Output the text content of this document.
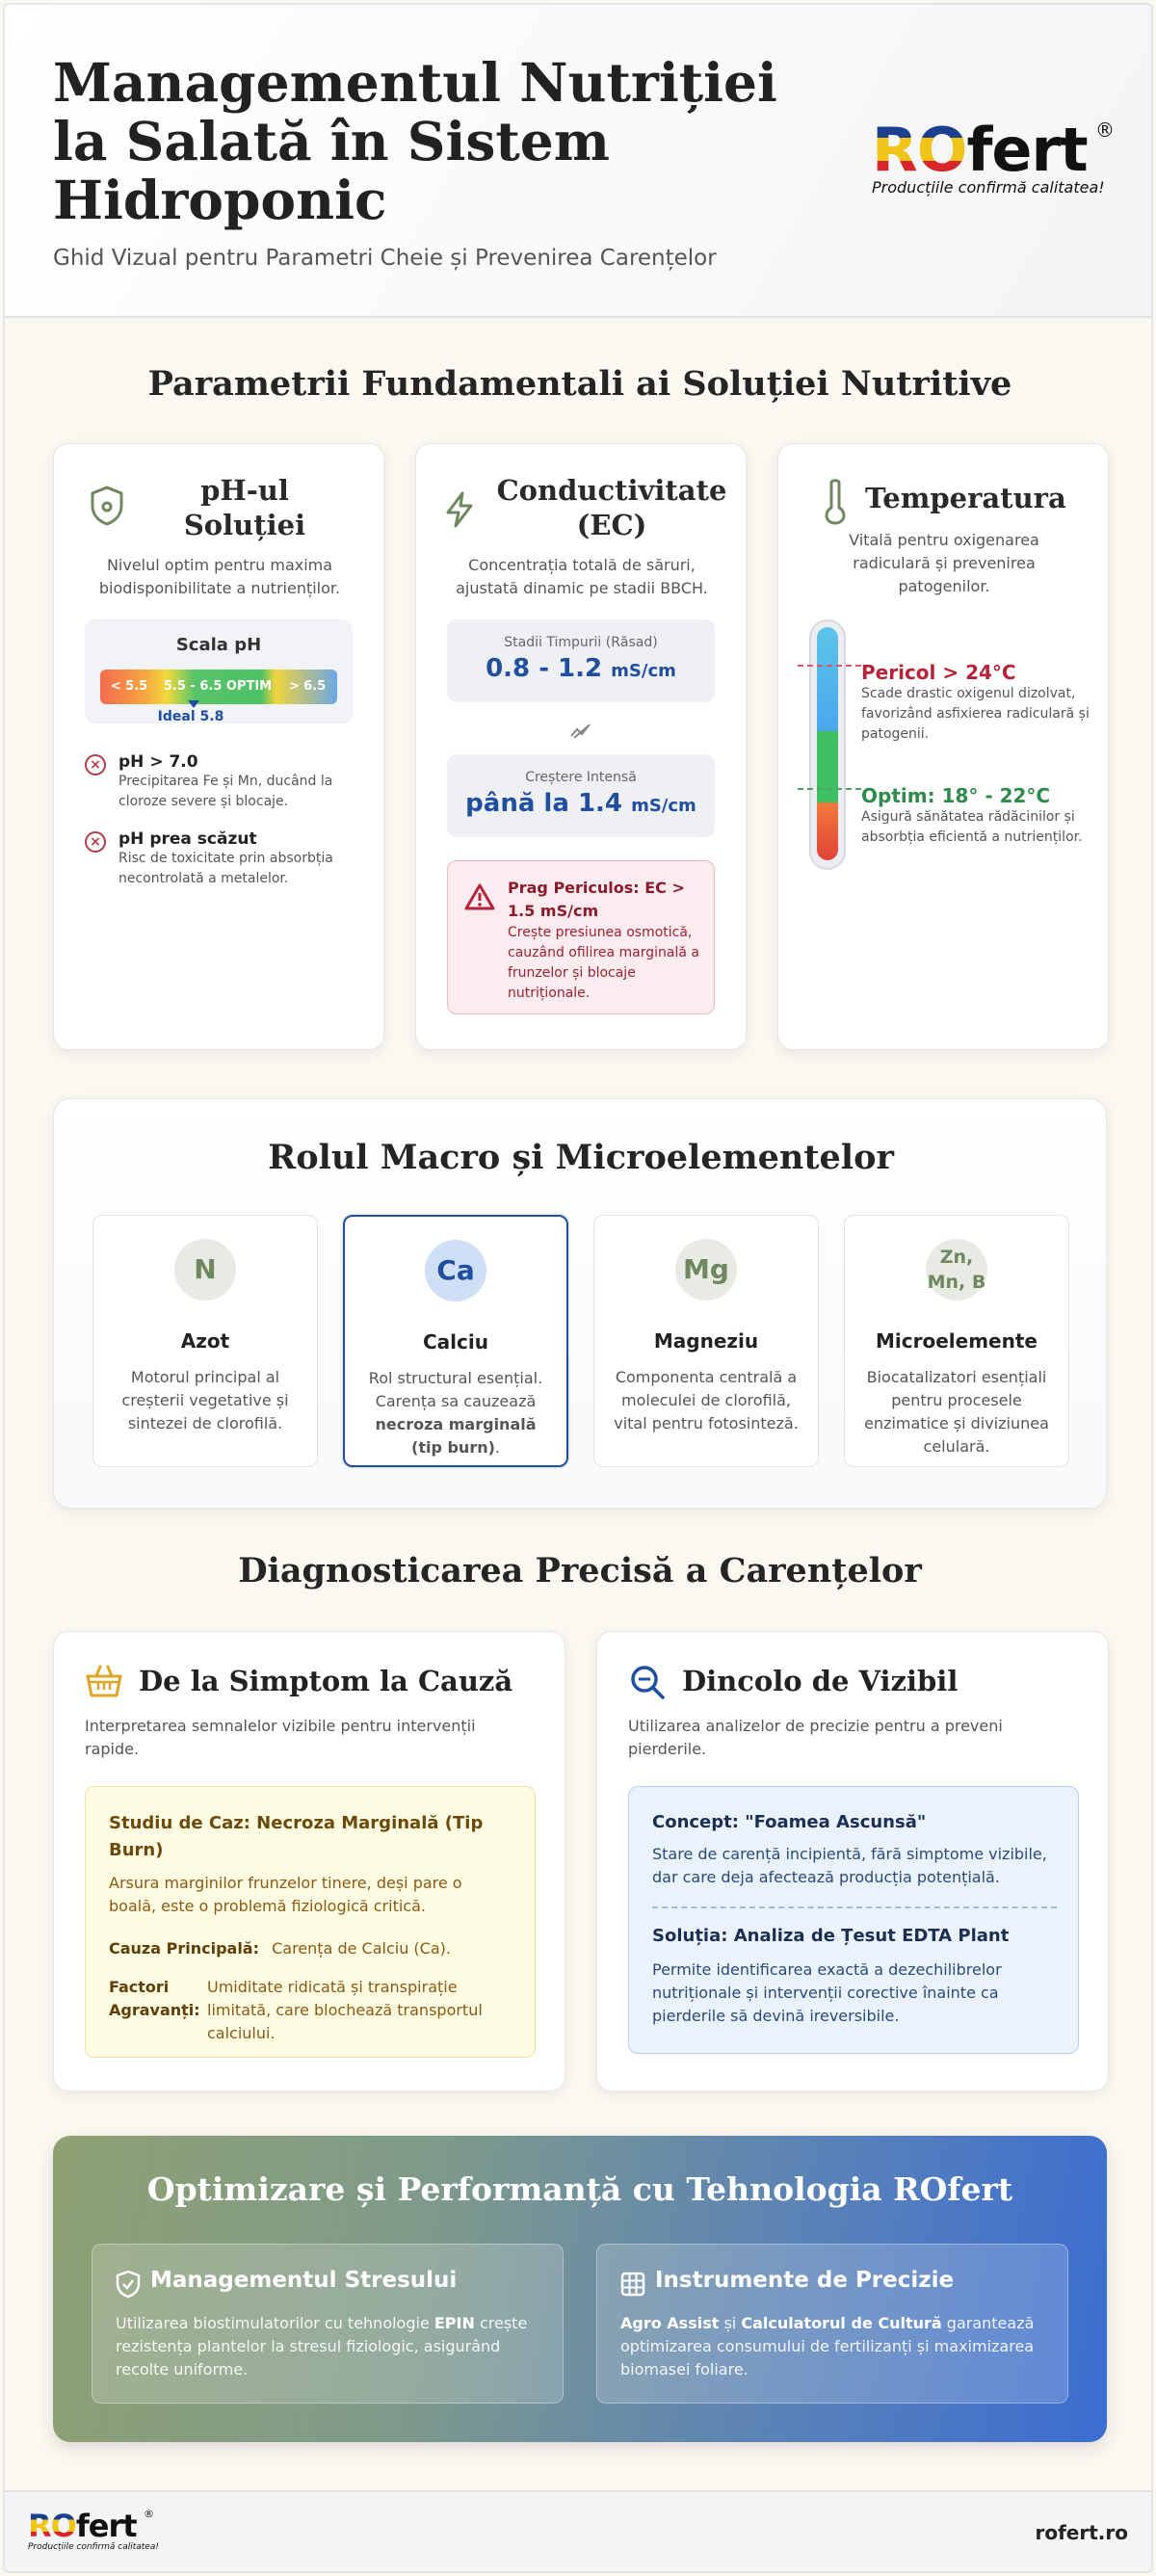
Managementul Nutriției la Salată în Sistem Hidroponic
Ghid Vizual pentru Parametri Cheie și Prevenirea Carențelor
ROfert ®
Producțiile confirmă calitatea!
Parametrii Fundamentali ai Soluției Nutritive
pH-ul Soluției
Nivelul optim pentru maxima biodisponibilitate a nutrienților.
Scala pH
< 5.5	5.5 - 6.5 OPTIM	> 6.5
Ideal 5.8
×	pH > 7.0
Precipitarea Fe și Mn, ducând la cloroze severe și blocaje.
×	pH prea scăzut
Risc de toxicitate prin absorbția necontrolată a metalelor.
Conductivitate (EC)
Concentrația totală de săruri, ajustată dinamic pe stadii BBCH.
Stadii Timpurii (Răsad)
0.8 - 1.2 mS/cm
Creștere Intensă
până la 1.4 mS/cm
Prag Periculos: EC > 1.5 mS/cm
Crește presiunea osmotică, cauzând ofilirea marginală a frunzelor și blocaje nutriționale.
Temperatura
Vitală pentru oxigenarea radiculară și prevenirea patogenilor.
Pericol > 24°C
Scade drastic oxigenul dizolvat, favorizând asfixierea radiculară și patogenii.
Optim: 18° - 22°C
Asigură sănătatea rădăcinilor și absorbția eficientă a nutrienților.
Rolul Macro și Microelementelor
N
Azot
Motorul principal al creșterii vegetative și sintezei de clorofilă.
Ca
Calciu
Rol structural esențial. Carența sa cauzează necroza marginală (tip burn).
Mg
Magneziu
Componenta centrală a moleculei de clorofilă, vital pentru fotosinteză.
Zn, Mn, B
Microelemente
Biocatalizatori esențiali pentru procesele enzimatice și diviziunea celulară.
Diagnosticarea Precisă a Carențelor
De la Simptom la Cauză
Interpretarea semnalelor vizibile pentru intervenții rapide.
Studiu de Caz: Necroza Marginală (Tip Burn)
Arsura marginilor frunzelor tinere, deși pare o boală, este o problemă fiziologică critică.
Cauza Principală: Carența de Calciu (Ca).
Factori Agravanți:
Umiditate ridicată și transpirație limitată, care blochează transportul calciului.
Dincolo de Vizibil
Utilizarea analizelor de precizie pentru a preveni pierderile.
Concept: "Foamea Ascunsă"
Stare de carență incipientă, fără simptome vizibile, dar care deja afectează producția potențială.
Soluția: Analiza de Țesut EDTA Plant
Permite identificarea exactă a dezechilibrelor nutriționale și intervenții corective înainte ca pierderile să devină ireversibile.
Optimizare și Performanță cu Tehnologia ROfert
Managementul Stresului
Utilizarea biostimulatorilor cu tehnologie EPIN crește rezistența plantelor la stresul fiziologic, asigurând recolte uniforme.
Instrumente de Precizie
Agro Assist și Calculatorul de Cultură garantează optimizarea consumului de fertilizanți și maximizarea biomasei foliare.
ROfert ®
Producțiile confirmă calitatea!
rofert.ro
